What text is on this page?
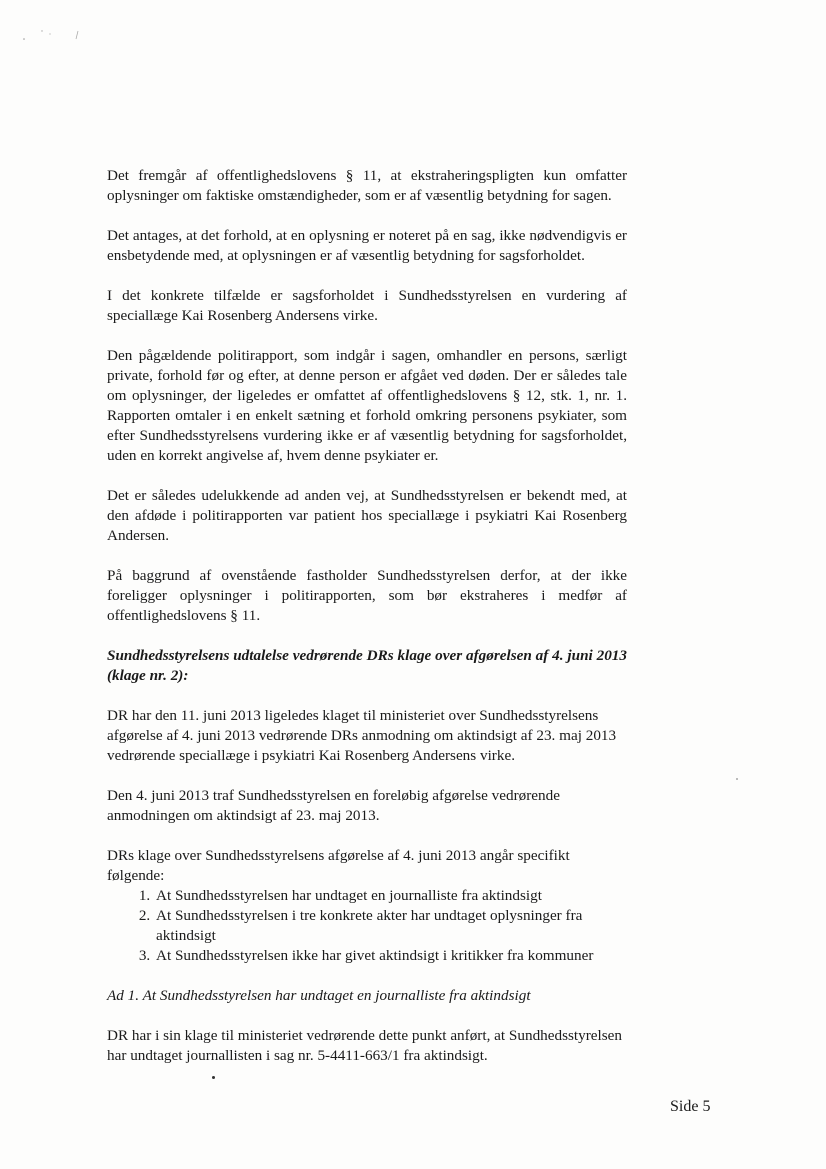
Det fremgår af offentlighedslovens § 11, at ekstraheringspligten kun omfatter oplysninger om faktiske omstændigheder, som er af væsentlig betydning for sagen.

Det antages, at det forhold, at en oplysning er noteret på en sag, ikke nødvendigvis er ensbetydende med, at oplysningen er af væsentlig betydning for sagsforholdet.

I det konkrete tilfælde er sagsforholdet i Sundhedsstyrelsen en vurdering af speciallæge Kai Rosenberg Andersens virke.

Den pågældende politirapport, som indgår i sagen, omhandler en persons, særligt private, forhold før og efter, at denne person er afgået ved døden. Der er således tale om oplysninger, der ligeledes er omfattet af offentlighedslovens § 12, stk. 1, nr. 1. Rapporten omtaler i en enkelt sætning et forhold omkring personens psykiater, som efter Sundhedsstyrelsens vurdering ikke er af væsentlig betydning for sagsforholdet, uden en korrekt angivelse af, hvem denne psykiater er.

Det er således udelukkende ad anden vej, at Sundhedsstyrelsen er bekendt med, at den afdøde i politirapporten var patient hos speciallæge i psykiatri Kai Rosenberg Andersen.

På baggrund af ovenstående fastholder Sundhedsstyrelsen derfor, at der ikke foreligger oplysninger i politirapporten, som bør ekstraheres i medfør af offentlighedslovens § 11.

Sundhedsstyrelsens udtalelse vedrørende DRs klage over afgørelsen af 4. juni 2013 (klage nr. 2):

DR har den 11. juni 2013 ligeledes klaget til ministeriet over Sundhedsstyrelsens afgørelse af 4. juni 2013 vedrørende DRs anmodning om aktindsigt af 23. maj 2013 vedrørende speciallæge i psykiatri Kai Rosenberg Andersens virke.

Den 4. juni 2013 traf Sundhedsstyrelsen en foreløbig afgørelse vedrørende anmodningen om aktindsigt af 23. maj 2013.

DRs klage over Sundhedsstyrelsens afgørelse af 4. juni 2013 angår specifikt følgende:

1. At Sundhedsstyrelsen har undtaget en journalliste fra aktindsigt
2. At Sundhedsstyrelsen i tre konkrete akter har undtaget oplysninger fra aktindsigt
3. At Sundhedsstyrelsen ikke har givet aktindsigt i kritikker fra kommuner

Ad 1. At Sundhedsstyrelsen har undtaget en journalliste fra aktindsigt

DR har i sin klage til ministeriet vedrørende dette punkt anført, at Sundhedsstyrelsen har undtaget journallisten i sag nr. 5-4411-663/1 fra aktindsigt.

Side 5
